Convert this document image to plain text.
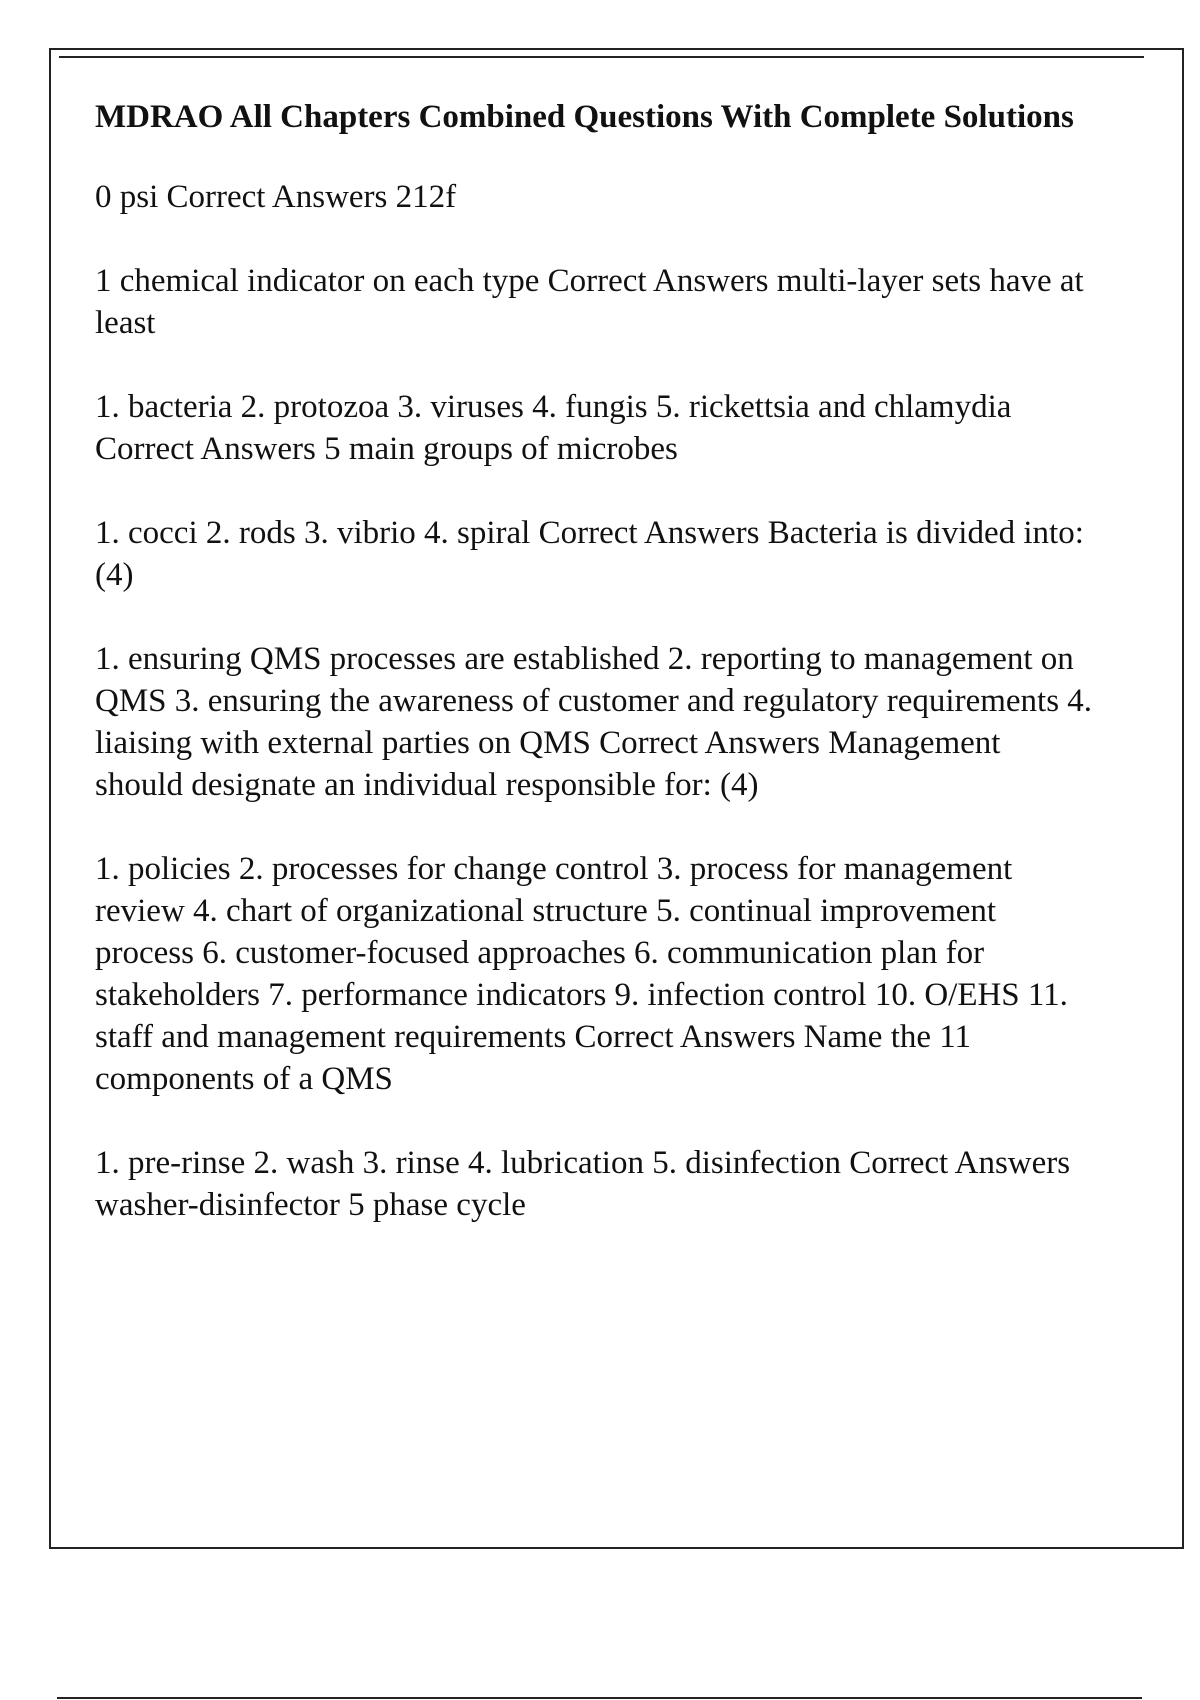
MDRAO All Chapters Combined Questions With Complete Solutions
0 psi Correct Answers 212f
1 chemical indicator on each type Correct Answers multi-layer sets have at least
1. bacteria 2. protozoa 3. viruses 4. fungis 5. rickettsia and chlamydia Correct Answers 5 main groups of microbes
1. cocci 2. rods 3. vibrio 4. spiral Correct Answers Bacteria is divided into: (4)
1. ensuring QMS processes are established 2. reporting to management on QMS 3. ensuring the awareness of customer and regulatory requirements 4. liaising with external parties on QMS Correct Answers Management should designate an individual responsible for: (4)
1. policies 2. processes for change control 3. process for management review 4. chart of organizational structure 5. continual improvement process 6. customer-focused approaches 6. communication plan for stakeholders 7. performance indicators 9. infection control 10. O/EHS 11. staff and management requirements Correct Answers Name the 11 components of a QMS
1. pre-rinse 2. wash 3. rinse 4. lubrication 5. disinfection Correct Answers washer-disinfector 5 phase cycle
